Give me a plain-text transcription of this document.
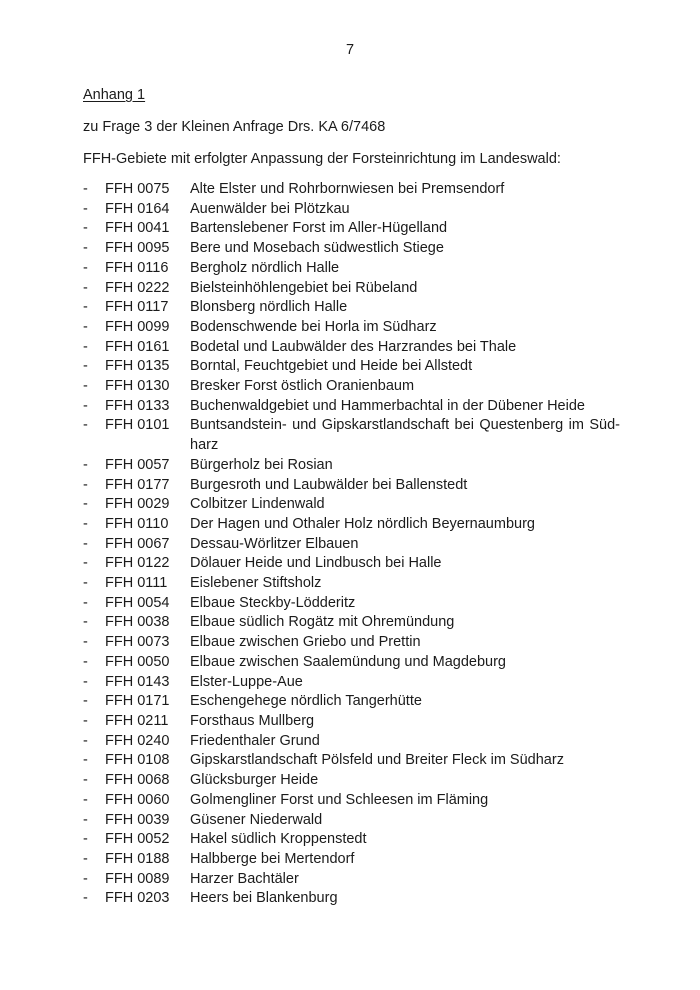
7
Anhang 1
zu Frage 3 der Kleinen Anfrage Drs. KA 6/7468
FFH-Gebiete mit erfolgter Anpassung der Forsteinrichtung im Landeswald:
-	FFH 0075	Alte Elster und Rohrbornwiesen bei Premsendorf
-	FFH 0164	Auenwälder bei Plötzkau
-	FFH 0041	Bartenslebener Forst im Aller-Hügelland
-	FFH 0095	Bere und Mosebach südwestlich Stiege
-	FFH 0116	Bergholz nördlich Halle
-	FFH 0222	Bielsteinhöhlengebiet bei Rübeland
-	FFH 0117	Blonsberg nördlich Halle
-	FFH 0099	Bodenschwende bei Horla im Südharz
-	FFH 0161	Bodetal und Laubwälder des Harzrandes bei Thale
-	FFH 0135	Borntal, Feuchtgebiet und Heide bei Allstedt
-	FFH 0130	Bresker Forst östlich Oranienbaum
-	FFH 0133	Buchenwaldgebiet und Hammerbachtal in der Dübener Heide
-	FFH 0101	Buntsandstein- und Gipskarstlandschaft bei Questenberg im Südharz
-	FFH 0057	Bürgerholz bei Rosian
-	FFH 0177	Burgesroth und Laubwälder bei Ballenstedt
-	FFH 0029	Colbitzer Lindenwald
-	FFH 0110	Der Hagen und Othaler Holz nördlich Beyernaumburg
-	FFH 0067	Dessau-Wörlitzer Elbauen
-	FFH 0122	Dölauer Heide und Lindbusch bei Halle
-	FFH 0111	Eislebener Stiftsholz
-	FFH 0054	Elbaue Steckby-Lödderitz
-	FFH 0038	Elbaue südlich Rogätz mit Ohremündung
-	FFH 0073	Elbaue zwischen Griebo und Prettin
-	FFH 0050	Elbaue zwischen Saalemündung und Magdeburg
-	FFH 0143	Elster-Luppe-Aue
-	FFH 0171	Eschengehege nördlich Tangerhütte
-	FFH 0211	Forsthaus Mullberg
-	FFH 0240	Friedenthaler Grund
-	FFH 0108	Gipskarstlandschaft Pölsfeld und Breiter Fleck im Südharz
-	FFH 0068	Glücksburger Heide
-	FFH 0060	Golmengliner Forst und Schleesen im Fläming
-	FFH 0039	Güsener Niederwald
-	FFH 0052	Hakel südlich Kroppenstedt
-	FFH 0188	Halbberge bei Mertendorf
-	FFH 0089	Harzer Bachtäler
-	FFH 0203	Heers bei Blankenburg
